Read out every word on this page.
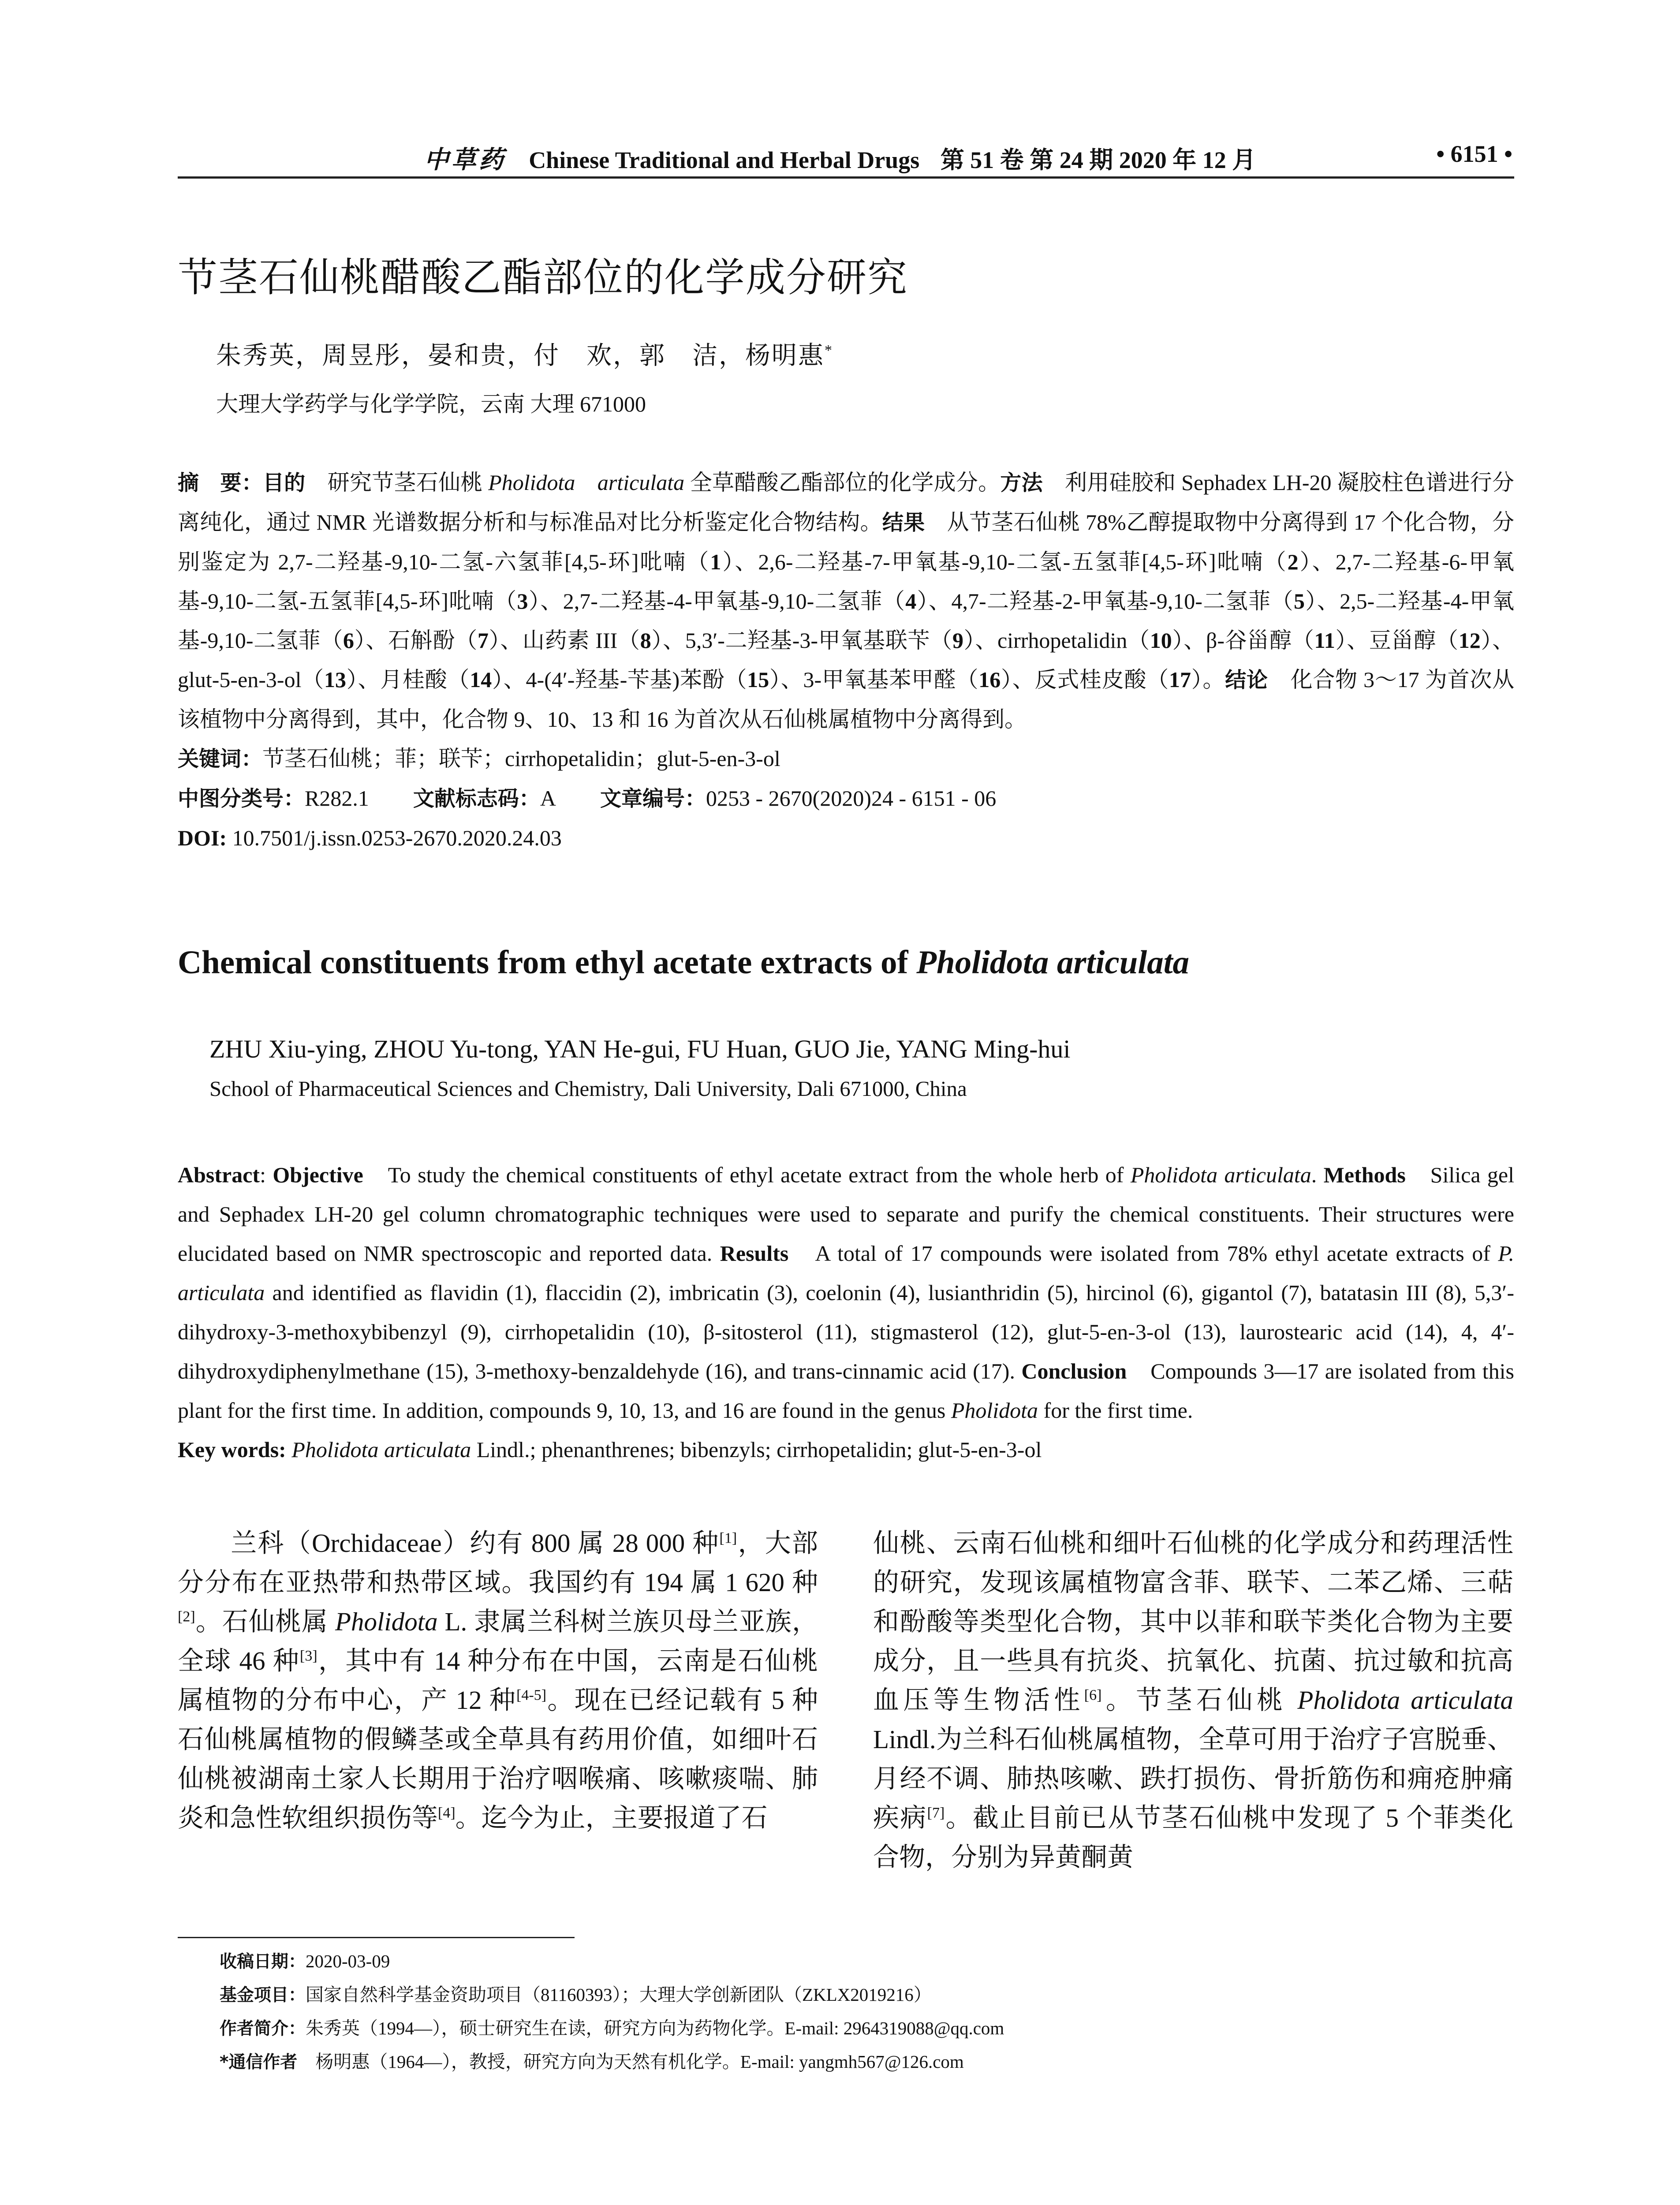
中草药 Chinese Traditional and Herbal Drugs 第 51 卷 第 24 期 2020 年 12 月	• 6151 •
节茎石仙桃醋酸乙酯部位的化学成分研究
朱秀英，周昱彤，晏和贵，付　欢，郭　洁，杨明惠*
大理大学药学与化学学院，云南 大理 671000
摘　要：目的　研究节茎石仙桃 Pholidota　articulata 全草醋酸乙酯部位的化学成分。方法　利用硅胶和 Sephadex LH-20 凝胶柱色谱进行分离纯化，通过 NMR 光谱数据分析和与标准品对比分析鉴定化合物结构。结果　从节茎石仙桃 78%乙醇提取物中分离得到 17 个化合物，分别鉴定为 2,7-二羟基-9,10-二氢-六氢菲[4,5-环]吡喃（1）、2,6-二羟基-7-甲氧基-9,10-二氢-五氢菲[4,5-环]吡喃（2）、2,7-二羟基-6-甲氧基-9,10-二氢-五氢菲[4,5-环]吡喃（3）、2,7-二羟基-4-甲氧基-9,10-二氢菲（4）、4,7-二羟基-2-甲氧基-9,10-二氢菲（5）、2,5-二羟基-4-甲氧基-9,10-二氢菲（6）、石斛酚（7）、山药素 III（8）、5,3′-二羟基-3-甲氧基联苄（9）、cirrhopetalidin（10）、β-谷甾醇（11）、豆甾醇（12）、glut-5-en-3-ol（13）、月桂酸（14）、4-(4′-羟基-苄基)苯酚（15）、3-甲氧基苯甲醛（16）、反式桂皮酸（17）。结论　化合物 3～17 为首次从该植物中分离得到，其中，化合物 9、10、13 和 16 为首次从石仙桃属植物中分离得到。
关键词：节茎石仙桃；菲；联苄；cirrhopetalidin；glut-5-en-3-ol
中图分类号：R282.1 文献标志码：A 文章编号：0253 - 2670(2020)24 - 6151 - 06
DOI: 10.7501/j.issn.0253-2670.2020.24.03
Chemical constituents from ethyl acetate extracts of Pholidota articulata
ZHU Xiu-ying, ZHOU Yu-tong, YAN He-gui, FU Huan, GUO Jie, YANG Ming-hui
School of Pharmaceutical Sciences and Chemistry, Dali University, Dali 671000, China
Abstract: Objective　To study the chemical constituents of ethyl acetate extract from the whole herb of Pholidota articulata. Methods　Silica gel and Sephadex LH-20 gel column chromatographic techniques were used to separate and purify the chemical constituents. Their structures were elucidated based on NMR spectroscopic and reported data. Results　A total of 17 compounds were isolated from 78% ethyl acetate extracts of P. articulata and identified as flavidin (1), flaccidin (2), imbricatin (3), coelonin (4), lusianthridin (5), hircinol (6), gigantol (7), batatasin III (8), 5,3′-dihydroxy-3-methoxybibenzyl (9), cirrhopetalidin (10), β-sitosterol (11), stigmasterol (12), glut-5-en-3-ol (13), laurostearic acid (14), 4, 4′-dihydroxydiphenylmethane (15), 3-methoxy-benzaldehyde (16), and trans-cinnamic acid (17). Conclusion　Compounds 3—17 are isolated from this plant for the first time. In addition, compounds 9, 10, 13, and 16 are found in the genus Pholidota for the first time.
Key words: Pholidota articulata Lindl.; phenanthrenes; bibenzyls; cirrhopetalidin; glut-5-en-3-ol
兰科（Orchidaceae）约有 800 属 28 000 种[1]，大部分分布在亚热带和热带区域。我国约有 194 属 1 620 种[2]。石仙桃属 Pholidota L. 隶属兰科树兰族贝母兰亚族，全球 46 种[3]，其中有 14 种分布在中国，云南是石仙桃属植物的分布中心，产 12 种[4-5]。现在已经记载有 5 种石仙桃属植物的假鳞茎或全草具有药用价值，如细叶石仙桃被湖南土家人长期用于治疗咽喉痛、咳嗽痰喘、肺炎和急性软组织损伤等[4]。迄今为止，主要报道了石
仙桃、云南石仙桃和细叶石仙桃的化学成分和药理活性的研究，发现该属植物富含菲、联苄、二苯乙烯、三萜和酚酸等类型化合物，其中以菲和联苄类化合物为主要成分，且一些具有抗炎、抗氧化、抗菌、抗过敏和抗高血压等生物活性[6]。节茎石仙桃 Pholidota articulata Lindl.为兰科石仙桃属植物，全草可用于治疗子宫脱垂、月经不调、肺热咳嗽、跌打损伤、骨折筋伤和痈疮肿痛疾病[7]。截止目前已从节茎石仙桃中发现了 5 个菲类化合物，分别为异黄酮黄
收稿日期：2020-03-09
基金项目：国家自然科学基金资助项目（81160393）；大理大学创新团队（ZKLX2019216）
作者简介：朱秀英（1994—），硕士研究生在读，研究方向为药物化学。E-mail: 2964319088@qq.com
*通信作者　杨明惠（1964—），教授，研究方向为天然有机化学。E-mail: yangmh567@126.com
